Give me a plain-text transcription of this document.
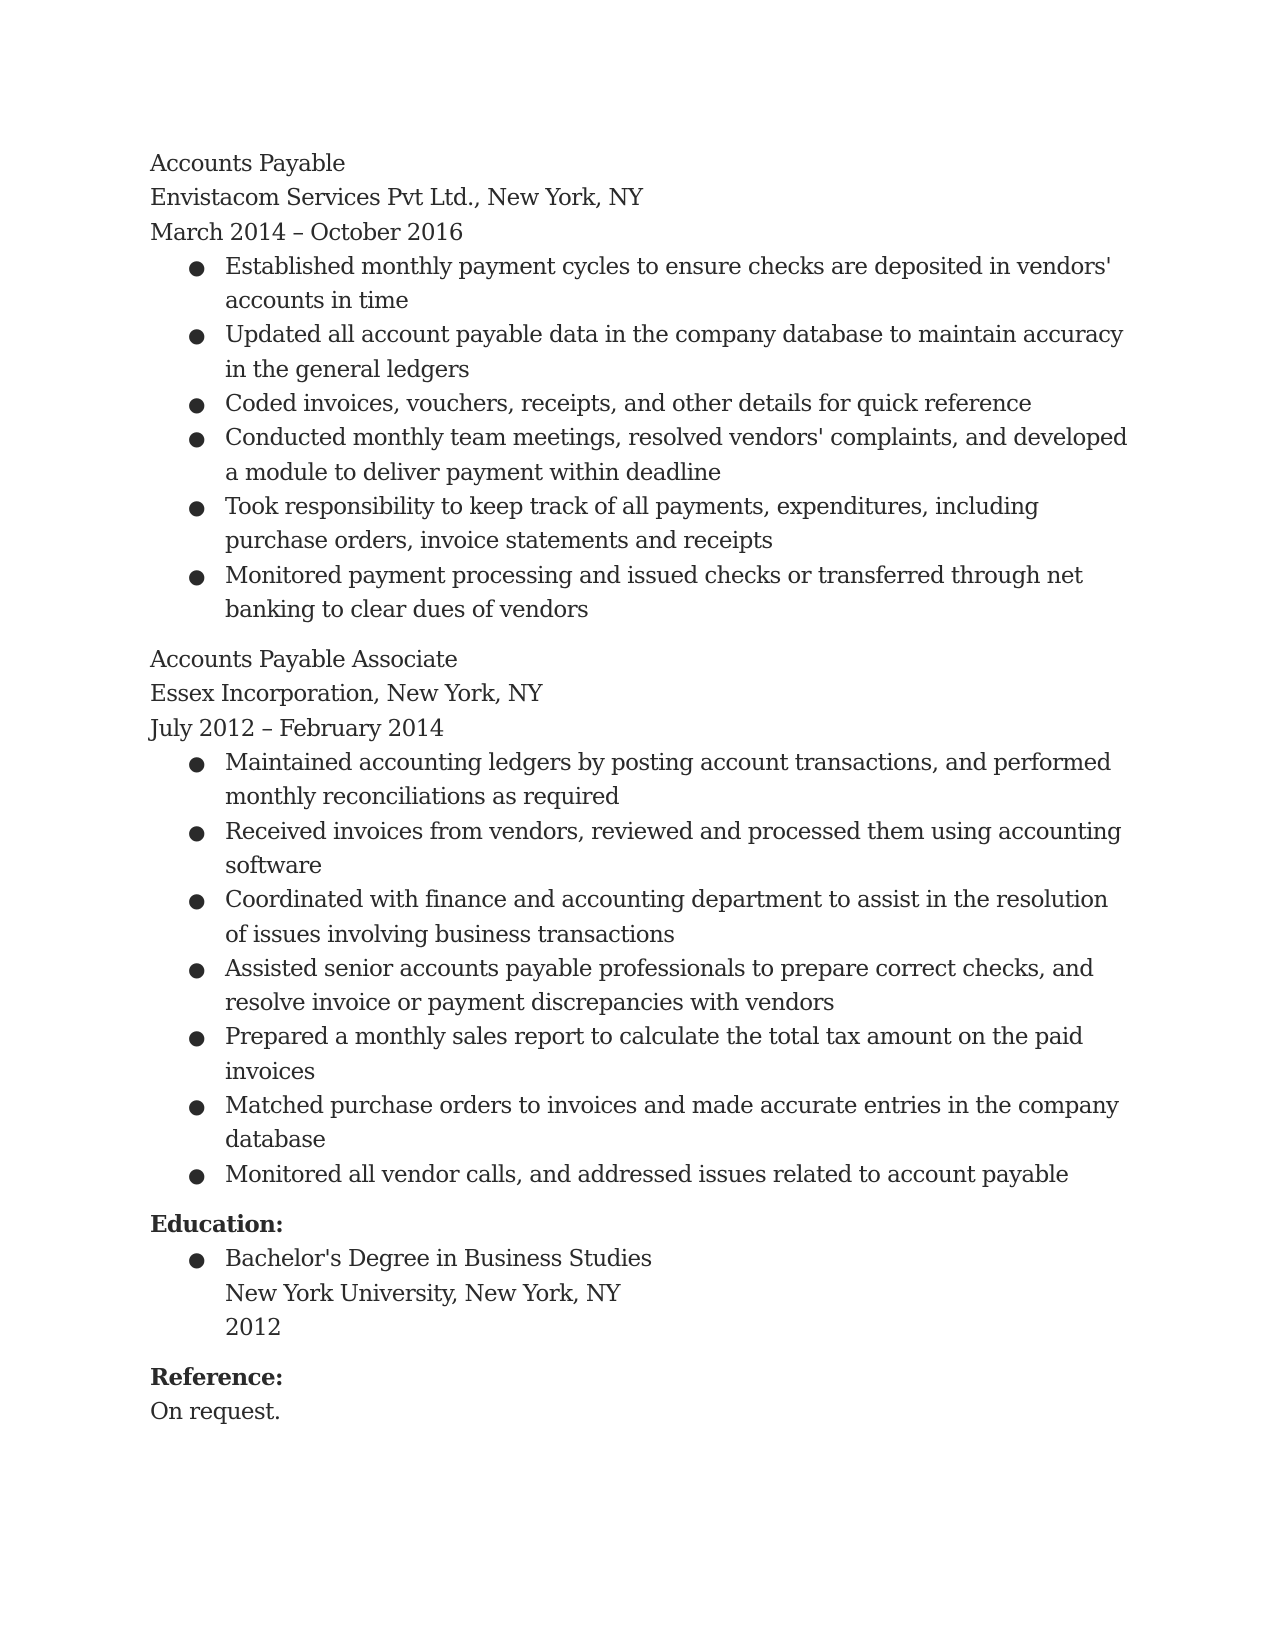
Accounts Payable
Envistacom Services Pvt Ltd., New York, NY
March 2014 – October 2016
● Established monthly payment cycles to ensure checks are deposited in vendors'
accounts in time
● Updated all account payable data in the company database to maintain accuracy
in the general ledgers
● Coded invoices, vouchers, receipts, and other details for quick reference
● Conducted monthly team meetings, resolved vendors' complaints, and developed
a module to deliver payment within deadline
● Took responsibility to keep track of all payments, expenditures, including
purchase orders, invoice statements and receipts
● Monitored payment processing and issued checks or transferred through net
banking to clear dues of vendors
Accounts Payable Associate
Essex Incorporation, New York, NY
July 2012 – February 2014
● Maintained accounting ledgers by posting account transactions, and performed
monthly reconciliations as required
● Received invoices from vendors, reviewed and processed them using accounting
software
● Coordinated with finance and accounting department to assist in the resolution
of issues involving business transactions
● Assisted senior accounts payable professionals to prepare correct checks, and
resolve invoice or payment discrepancies with vendors
● Prepared a monthly sales report to calculate the total tax amount on the paid
invoices
● Matched purchase orders to invoices and made accurate entries in the company
database
● Monitored all vendor calls, and addressed issues related to account payable
Education:
● Bachelor's Degree in Business Studies
New York University, New York, NY
2012
Reference:
On request.
